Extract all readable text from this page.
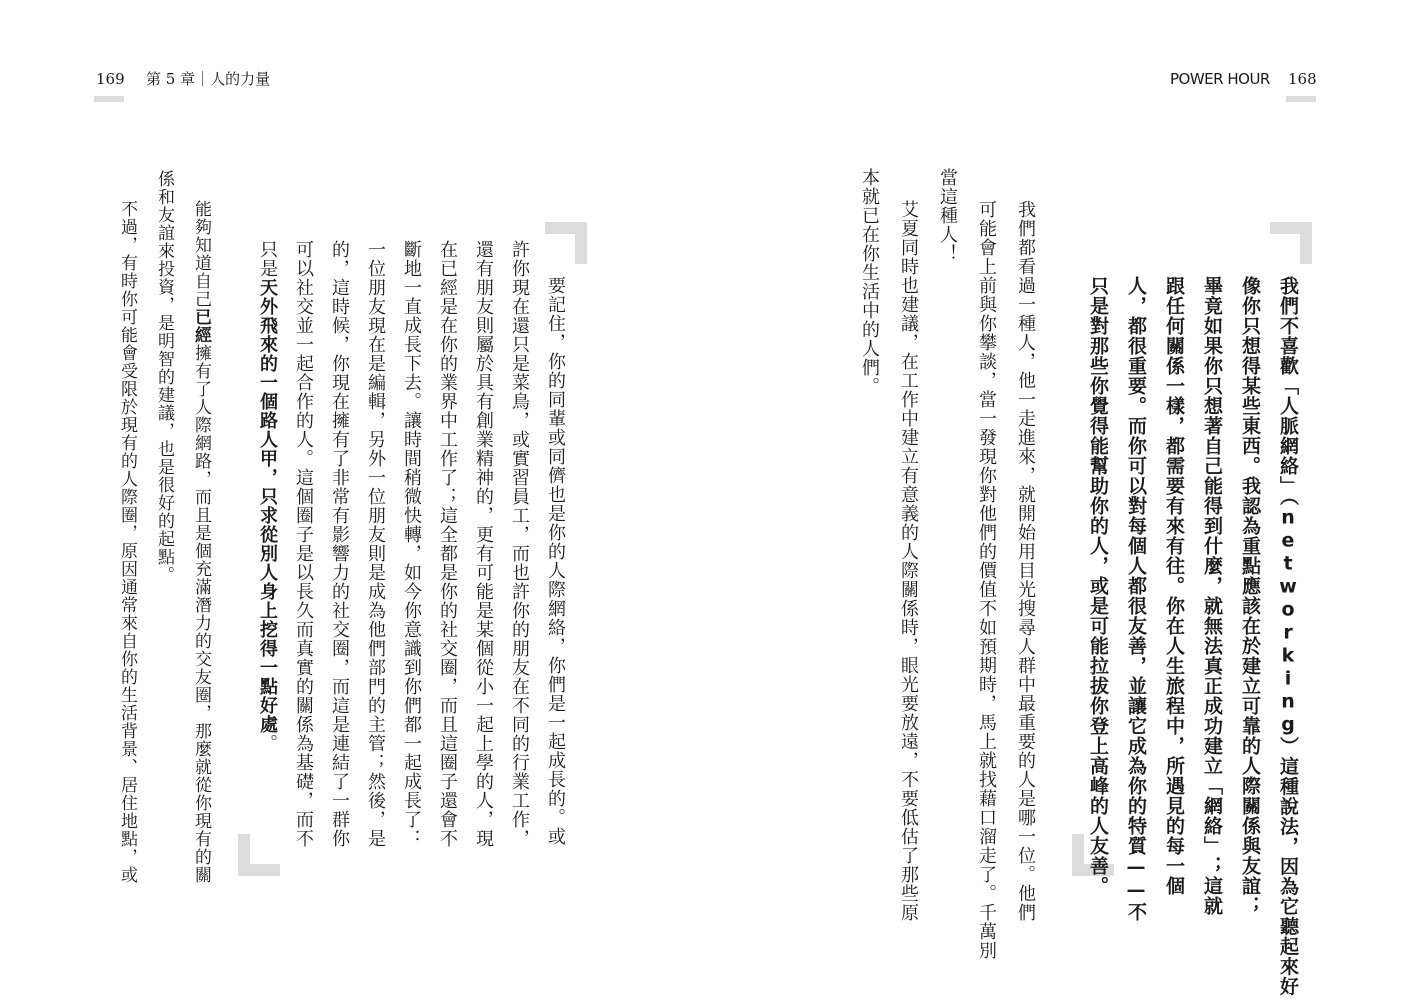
169 第 5 章｜人的力量	POWER HOUR 168
我們不喜歡「人脈網絡」（networking）這種說法，因為它聽起來好
像你只想得某些東西。我認為重點應該在於建立可靠的人際關係與友誼；
畢竟如果你只想著自己能得到什麼，就無法真正成功建立「網絡」；這就
跟任何關係一樣，都需要有來有往。你在人生旅程中，所遇見的每一個
人，都很重要。而你可以對每個人都很友善，並讓它成為你的特質——不
只是對那些你覺得能幫助你的人，或是可能拉拔你登上高峰的人友善。
我們都看過一種人，他一走進來，就開始用目光搜尋人群中最重要的人是哪一位。他們
可能會上前與你攀談，當一發現你對他們的價值不如預期時，馬上就找藉口溜走了。千萬別
當這種人！
艾夏同時也建議，在工作中建立有意義的人際關係時，眼光要放遠，不要低估了那些原
本就已在你生活中的人們。
要記住，你的同輩或同儕也是你的人際網絡，你們是一起成長的。或
許你現在還只是菜鳥，或實習員工，而也許你的朋友在不同的行業工作，
還有朋友則屬於具有創業精神的，更有可能是某個從小一起上學的人，現
在已經是在你的業界中工作了；這全都是你的社交圈，而且這圈子還會不
斷地一直成長下去。讓時間稍微快轉，如今你意識到你們都一起成長了：
一位朋友現在是編輯，另外一位朋友則是成為他們部門的主管；然後，是
的，這時候，你現在擁有了非常有影響力的社交圈，而這是連結了一群你
可以社交並一起合作的人。這個圈子是以長久而真實的關係為基礎，而不
只是天外飛來的一個路人甲，只求從別人身上挖得一點好處。
能夠知道自己已經擁有了人際網路，而且是個充滿潛力的交友圈，那麼就從你現有的關
係和友誼來投資，是明智的建議，也是很好的起點。
不過，有時你可能會受限於現有的人際圈，原因通常來自你的生活背景、居住地點，或
